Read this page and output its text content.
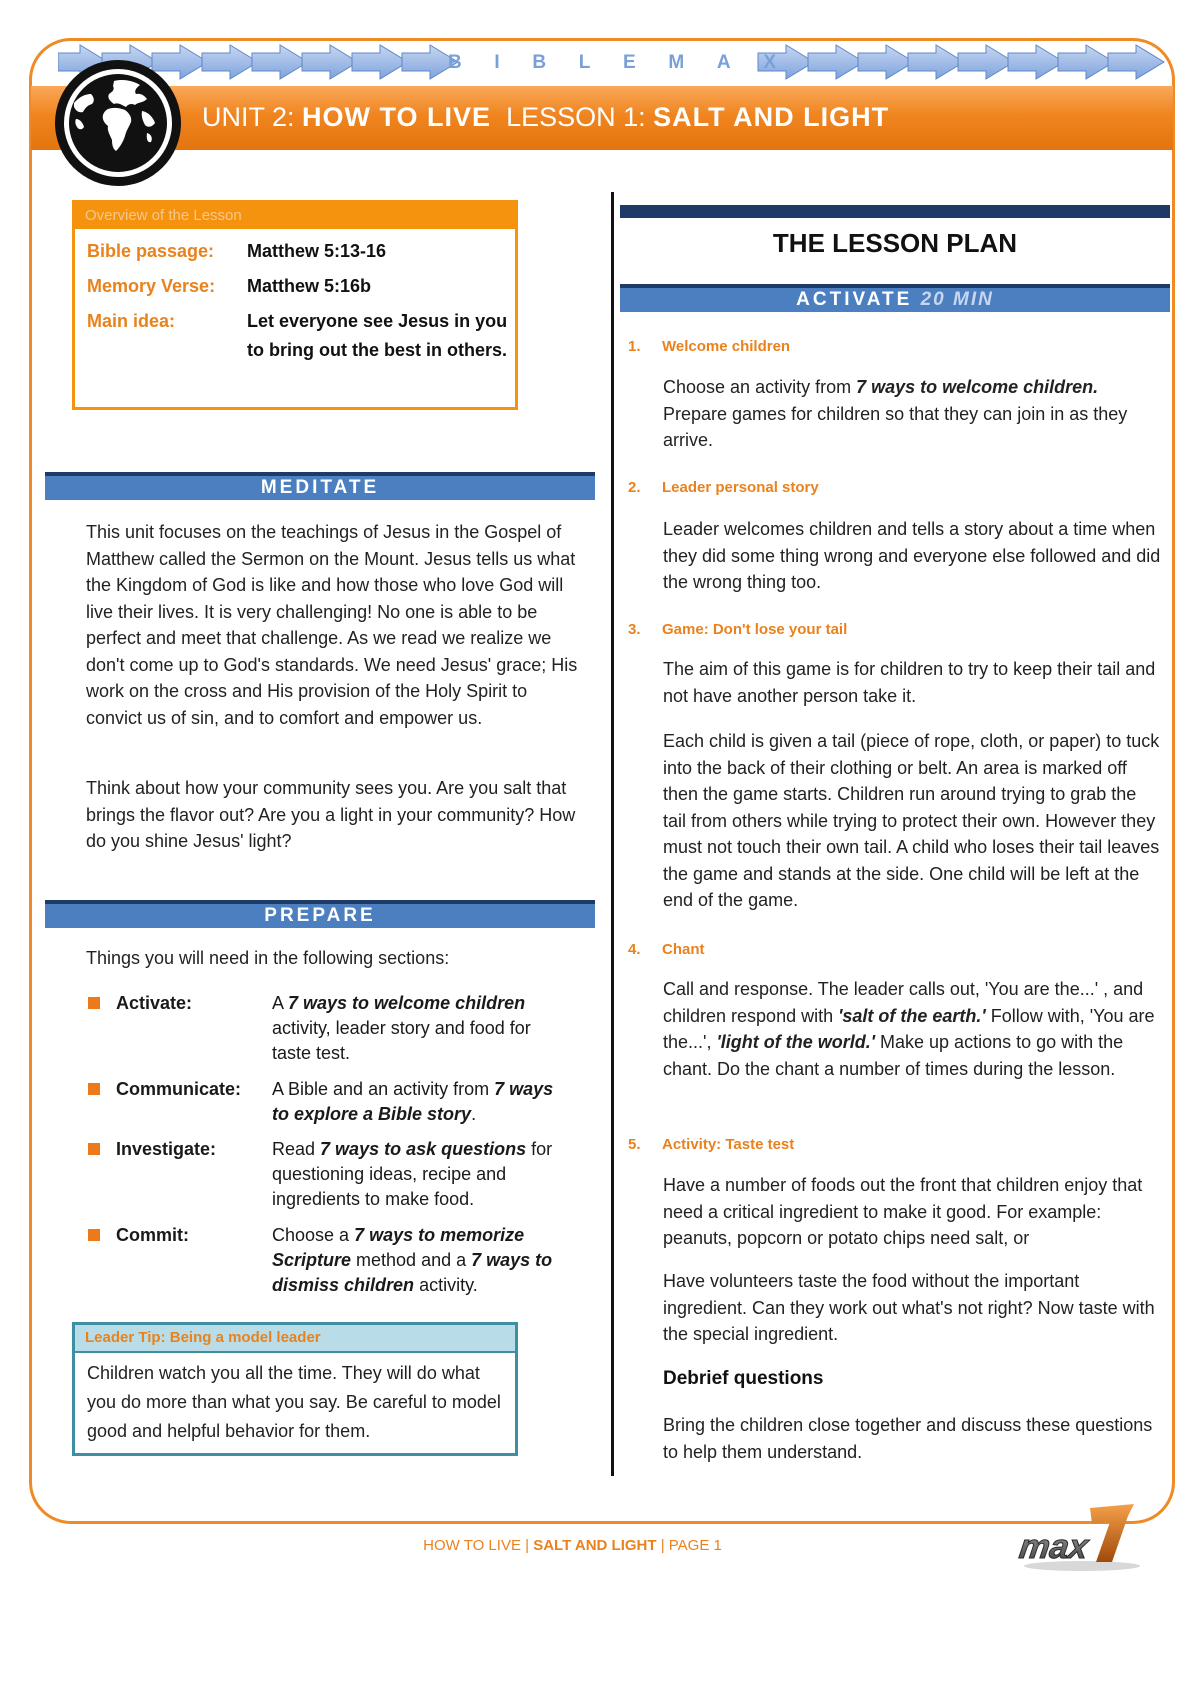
B I B L E M A X
UNIT 2: HOW TO LIVE LESSON 1: SALT AND LIGHT
Overview of the Lesson
Bible passage:	Matthew 5:13-16
Memory Verse:	Matthew 5:16b
Main idea:	Let everyone see Jesus in you to bring out the best in others.
MEDITATE
This unit focuses on the teachings of Jesus in the Gospel of Matthew called the Sermon on the Mount. Jesus tells us what the Kingdom of God is like and how those who love God will live their lives. It is very challenging! No one is able to be perfect and meet that challenge. As we read we realize we don't come up to God's standards. We need Jesus' grace; His work on the cross and His provision of the Holy Spirit to convict us of sin, and to comfort and empower us.
Think about how your community sees you. Are you salt that brings the flavor out? Are you a light in your community? How do you shine Jesus' light?
PREPARE
Things you will need in the following sections:
Activate:	A 7 ways to welcome children activity, leader story and food for taste test.
Communicate: A Bible and an activity from 7 ways to explore a Bible story.
Investigate:	Read 7 ways to ask questions for questioning ideas, recipe and ingredients to make food.
Commit:	Choose a 7 ways to memorize Scripture method and a 7 ways to dismiss children activity.
Leader Tip: Being a model leader
Children watch you all the time. They will do what you do more than what you say. Be careful to model good and helpful behavior for them.
THE LESSON PLAN
ACTIVATE 20 MIN
1. Welcome children
Choose an activity from 7 ways to welcome children. Prepare games for children so that they can join in as they arrive.
2. Leader personal story
Leader welcomes children and tells a story about a time when they did some thing wrong and everyone else followed and did the wrong thing too.
3. Game: Don't lose your tail
The aim of this game is for children to try to keep their tail and not have another person take it.
Each child is given a tail (piece of rope, cloth, or paper) to tuck into the back of their clothing or belt. An area is marked off then the game starts. Children run around trying to grab the tail from others while trying to protect their own. However they must not touch their own tail. A child who loses their tail leaves the game and stands at the side. One child will be left at the end of the game.
4. Chant
Call and response. The leader calls out, 'You are the...' , and children respond with 'salt of the earth.' Follow with, 'You are the...', 'light of the world.' Make up actions to go with the chant. Do the chant a number of times during the lesson.
5. Activity: Taste test
Have a number of foods out the front that children enjoy that need a critical ingredient to make it good. For example: peanuts, popcorn or potato chips need salt, or
Have volunteers taste the food without the important ingredient. Can they work out what's not right? Now taste with the special ingredient.
Debrief questions
Bring the children close together and discuss these questions to help them understand.
HOW TO LIVE | SALT AND LIGHT | PAGE 1	max
